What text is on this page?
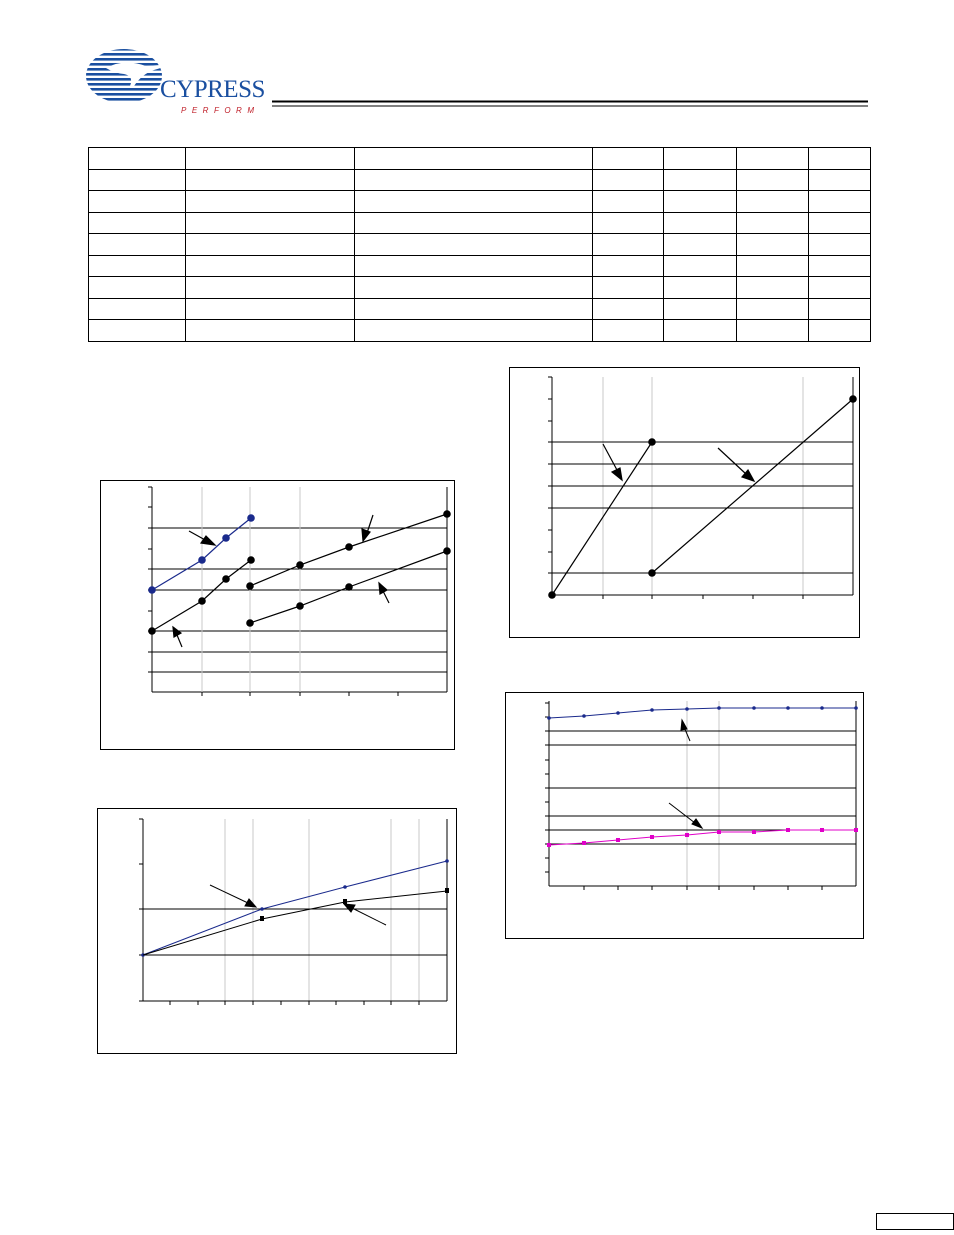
CYPRESS
PERFORM
